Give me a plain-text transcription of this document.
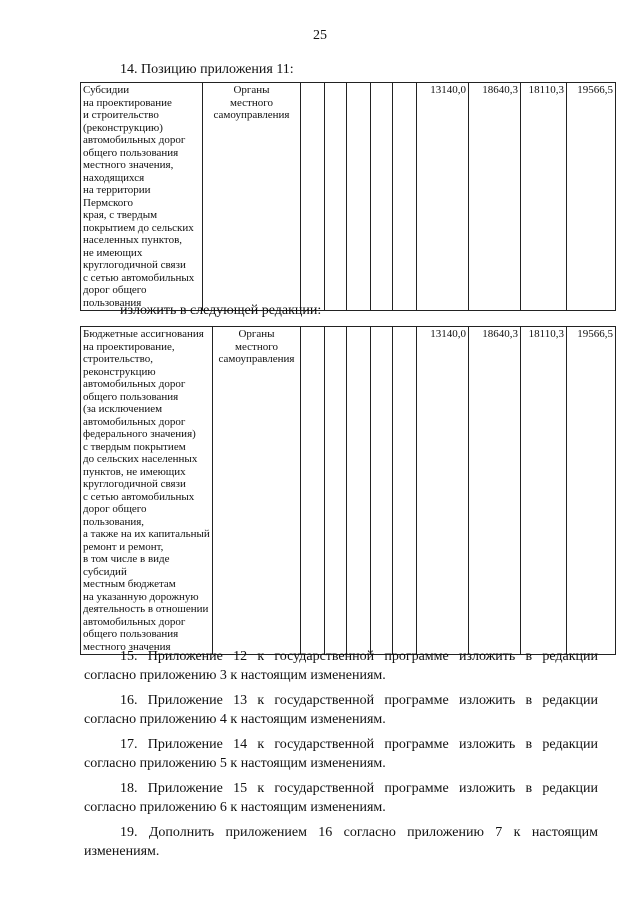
25
14. Позицию приложения 11:
Субсидии
на проектирование
и строительство
(реконструкцию)
автомобильных дорог
общего пользования
местного значения,
находящихся
на территории Пермского
края, с твердым
покрытием до сельских
населенных пунктов,
не имеющих
круглогодичной связи
с сетью автомобильных
дорог общего пользования	Органы
местного
самоуправления						13140,0	18640,3	18110,3	19566,5
изложить в следующей редакции:
Бюджетные ассигнования
на проектирование,
строительство,
реконструкцию
автомобильных дорог
общего пользования
(за исключением
автомобильных дорог
федерального значения)
с твердым покрытием
до сельских населенных
пунктов, не имеющих
круглогодичной связи
с сетью автомобильных
дорог общего пользования,
а также на их капитальный
ремонт и ремонт,
в том числе в виде субсидий
местным бюджетам
на указанную дорожную
деятельность в отношении
автомобильных дорог
общего пользования
местного значения	Органы
местного
самоуправления						13140,0	18640,3	18110,3	19566,5

15. Приложение 12 к государственной программе изложить в редакции согласно приложению 3 к настоящим изменениям.

16. Приложение 13 к государственной программе изложить в редакции согласно приложению 4 к настоящим изменениям.

17. Приложение 14 к государственной программе изложить в редакции согласно приложению 5 к настоящим изменениям.

18. Приложение 15 к государственной программе изложить в редакции согласно приложению 6 к настоящим изменениям.

19. Дополнить приложением 16 согласно приложению 7 к настоящим изменениям.
